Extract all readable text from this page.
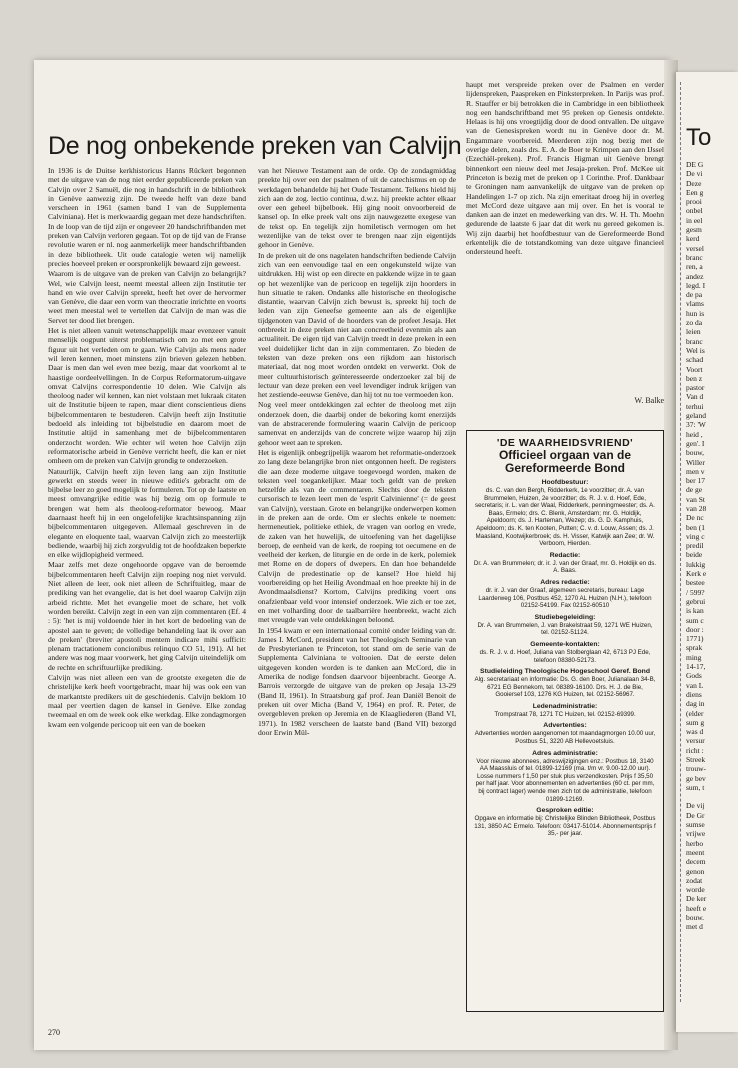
De nog onbekende preken van Calvijn

In 1936 is de Duitse kerkhistoricus Hanns Rückert begonnen met de uitgave van de nog niet eerder gepubliceerde preken van Calvijn over 2 Samuël, die nog in handschrift in de bibliotheek in Genève aanwezig zijn. De tweede helft van deze band verscheen in 1961 (samen band I van de Supplementa Calviniana). Het is merkwaardig gegaan met deze handschriften. In de loop van de tijd zijn er ongeveer 20 handschriftbanden met preken van Calvijn verloren gegaan. Tot op de tijd van de Franse revolutie waren er nl. nog aanmerkelijk meer handschriftbanden in deze bibliotheek. Uit oude catalogie weten wij namelijk precies hoeveel preken er oorspronkelijk bewaard zijn geweest.

Waarom is de uitgave van de preken van Calvijn zo belangrijk? Wel, wie Calvijn leest, neemt meestal alleen zijn Institutie ter hand en wie over Calvijn spreekt, heeft het over de hervormer van Genève, die daar een vorm van theocratie inrichtte en voorts weet men meestal wel te vertellen dat Calvijn de man was die Servet ter dood liet brengen.

Het is niet alleen vanuit wetenschappelijk maar evenzeer vanuit menselijk oogpunt uiterst problematisch om zo met een grote figuur uit het verleden om te gaan. Wie Calvijn als mens nader wil leren kennen, moet minstens zijn brieven gelezen hebben. Daar is men dan wel even mee bezig, maar dat voorkomt al te haastige oordeelvellingen. In de Corpus Reformatorum-uitgave omvat Calvijns correspondentie 10 delen. Wie Calvijn als theoloog nader wil kennen, kan niet volstaan met lukraak citaten uit de Institutie bijeen te rapen, maar dient conscientieus diens bijbelcommentaren te bestuderen. Calvijn heeft zijn Institutie bedoeld als inleiding tot bijbelstudie en daarom moet de Institutie altijd in samenhang met de bijbelcommentaren onderzocht worden. Wie echter wil weten hoe Calvijn zijn reformatorische arbeid in Genève verricht heeft, die kan er niet omheen om de preken van Calvijn grondig te onderzoeken.

Natuurlijk, Calvijn heeft zijn leven lang aan zijn Institutie gewerkt en steeds weer in nieuwe editie's gebracht om de bijbelse leer zo goed mogelijk te formuleren. Tot op de laatste en meest omvangrijke editie was hij bezig om op formule te brengen wat hem als theoloog-reformator bewoog. Maar daarnaast heeft hij in een ongelofelijke krachtsinspanning zijn bijbelcommentaren uitgegeven. Allemaal geschreven in de elegante en eloquente taal, waarvan Calvijn zich zo meesterlijk bediende, waarbij hij zich zorgvuldig tot de hoofdzaken beperkte en elke wijdlopigheid vermeed.

Maar zelfs met deze ongehoorde opgave van de beroemde bijbelcommentaren heeft Calvijn zijn roeping nog niet vervuld. Niet alleen de leer, ook niet alleen de Schriftuitleg, maar de prediking van het evangelie, dat is het doel waarop Calvijn zijn arbeid richtte. Met het evangelie moet de schare, het volk worden bereikt. Calvijn zegt in een van zijn commentaren (Ef. 4 : 5): 'het is mij voldoende hier in het kort de bedoeling van de apostel aan te geven; de volledige behandeling laat ik over aan de preken' (breviter apostoli mentem indicare mihi sufficit: plenam tractationem concionibus relinquo CO 51, 191). Al het andere was nog maar voorwerk, het ging Calvijn uiteindelijk om de rechte en schriftuurlijke prediking.

Calvijn was niet alleen een van de grootste exegeten die de christelijke kerk heeft voortgebracht, maar hij was ook een van de markantste predikers uit de geschiedenis. Calvijn beklom 10 maal per veertien dagen de kansel in Genève. Elke zondag tweemaal en om de week ook elke werkdag. Elke zondagmorgen kwam een volgende pericoop uit een van de boeken

van het Nieuwe Testament aan de orde. Op de zondagmiddag preekte hij over een der psalmen of uit de catechismus en op de werkdagen behandelde hij het Oude Testament. Telkens hield hij zich aan de zog. lectio continua, d.w.z. hij preekte achter elkaar over een geheel bijbelboek. Hij ging nooit onvoorbereid de kansel op. In elke preek valt ons zijn nauwgezette exegese van de tekst op. En tegelijk zijn homiletisch vermogen om het wezenlijke van de tekst over te brengen naar zijn eigentijds gehoor in Genève.

In de preken uit de ons nagelaten handschriften bediende Calvijn zich van een eenvoudige taal en een ongekunsteld wijze van uitdrukken. Hij wist op een directe en pakkende wijze in te gaan op het wezenlijke van de pericoop en tegelijk zijn hoorders in hun situatie te raken. Ondanks alle historische en theologische distantie, waarvan Calvijn zich bewust is, spreekt hij toch de leden van zijn Geneefse gemeente aan als de eigenlijke tijdgenoten van David of de hoorders van de profeet Jesaja. Het ontbreekt in deze preken niet aan concreetheid evenmin als aan actualiteit. De eigen tijd van Calvijn treedt in deze preken in een veel duidelijker licht dan in zijn commentaren. Zo bieden de teksten van deze preken ons een rijkdom aan historisch materiaal, dat nog moet worden ontdekt en verwerkt. Ook de meer cultuurhistorisch geïnteresseerde onderzoeker zal bij de lectuur van deze preken een veel levendiger indruk krijgen van het zestiende-eeuwse Genève, dan hij tot nu toe vermoeden kon.

Nog veel meer ontdekkingen zal echter de theoloog met zijn onderzoek doen, die daarbij onder de bekoring komt enerzijds van de abstracerende formulering waarin Calvijn de pericoop samenvat en anderzijds van de concrete wijze waarop hij zijn gehoor weet aan te spreken.

Het is eigenlijk onbegrijpelijk waarom het reformatie-onderzoek zo lang deze belangrijke bron niet ontgonnen heeft. De registers die aan deze moderne uitgave toegevoegd worden, maken de teksten veel toegankelijker. Maar toch geldt van de preken hetzelfde als van de commentaren. Slechts door de teksten cursorisch te lezen leert men de 'esprit Calvinienne' (= de geest van Calvijn), verstaan. Grote en belangrijke onderwerpen komen in de preken aan de orde. Om er slechts enkele te noemen: hermeneutiek, politieke ethiek, de vragen van oorlog en vrede, de zaken van het huwelijk, de uitoefening van het dagelijkse beroep, de eenheid van de kerk, de roeping tot oecumene en de veelheid der kerken, de liturgie en de orde in de kerk, polemiek met Rome en de dopers of dwepers. En dan hoe behandelde Calvijn de predestinatie op de kansel? Hoe hield hij voorbereiding op het Heilig Avondmaal en hoe preekte hij in de Avondmaalsdienst? Kortom, Calvijns prediking voert ons onafzienbaar veld voor intensief onderzoek. Wie zich er toe zet, en met volharding door de taalbarrière heenbreekt, wacht zich met vreugde van vele ontdekkingen beloond.

In 1954 kwam er een internationaal comité onder leiding van dr. James I. McCord, president van het Theologisch Seminarie van de Presbyterianen te Princeton, tot stand om de serie van de Supplementa Calviniana te voltooien. Dat de eerste delen uitgegeven konden worden is te danken aan McCord, die in Amerika de nodige fondsen daarvoor bijeenbracht. George A. Barrois verzorgde de uitgave van de preken op Jesaja 13-29 (Band II, 1961). In Straatsburg gaf prof. Jean Daniël Benoit de preken uit over Micha (Band V, 1964) en prof. R. Peter, de overgebleven preken op Jeremia en de Klaagliederen (Band VI, 1971). In 1982 verscheen de laatste band (Band VII) bezorgd door Erwin Mül-

haupt met verspreide preken over de Psalmen en verder lijdenspreken, Paaspreken en Pinksterpreken. In Parijs was prof. R. Stauffer er bij betrokken die in Cambridge in een bibliotheek nog een handschriftband met 95 preken op Genesis ontdekte. Helaas is hij ons vroegtijdig door de dood ontvallen. De uitgave van de Genesispreken wordt nu in Genève door dr. M. Engammare voorbereid. Meerderen zijn nog bezig met de overige delen, zoals drs. E. A. de Boer te Krimpen aan den IJssel (Ezechiël-preken). Prof. Francis Higman uit Genève brengt binnenkort een nieuw deel met Jesaja-preken. Prof. McKee uit Princeton is bezig met de preken op 1 Corinthe. Prof. Dankbaar te Groningen nam aanvankelijk de uitgave van de preken op Handelingen 1-7 op zich. Na zijn emeritaat droeg hij in overleg met McCord deze uitgave aan mij over. En het is vooral te danken aan de inzet en medewerking van drs. W. H. Th. Moehn gedurende de laatste 6 jaar dat dit werk nu gereed gekomen is. Wij zijn daarbij het hoofdbestuur van de Gereformeerde Bond erkentelijk die de totstandkoming van deze uitgave financieel ondersteund heeft.

W. Balke
'DE WAARHEIDSVRIEND'
Officieel orgaan van de Gereformeerde Bond
Hoofdbestuur:
ds. C. van den Bergh, Ridderkerk, 1e voorzitter; dr. A. van Brummelen, Huizen, 2e voorzitter; ds. R. J. v. d. Hoef, Ede, secretaris; ir. L. van der Waal, Ridderkerk, penningmeester; ds. A. Baas, Ermelo; drs. C. Blenk, Amsterdam; mr. G. Holdijk, Apeldoorn; ds. J. Harteman, Wezep; ds. G. D. Kamphuis, Apeldoorn; ds. K. ten Kooten, Putten; C. v. d. Louw, Assen; ds. J. Maasland, Kootwijkerbroek; ds. H. Visser, Katwijk aan Zee; dr. W. Verboom, Hierden.
Redactie:
Dr. A. van Brummelen; dr. ir. J. van der Graaf, mr. G. Holdijk en ds. A. Baas.
Adres redactie:
dr. ir. J. van der Graaf, algemeen secretaris, bureau: Lage Laarderweg 106, Postbus 452, 1270 AL Huizen (N.H.), telefoon 02152-54199. Fax 02152-60510
Studiebegeleiding:
Dr. A. van Brummelen, J. van Brakelstraat 59, 1271 WE Huizen, tel. 02152-51124.
Gemeente-kontakten:
ds. R. J. v. d. Hoef, Juliana van Stolberglaan 42, 6713 PJ Ede, telefoon 08380-52173.
Studieleiding Theologische Hogeschool Geref. Bond
Alg. secretariaat en informatie: Ds. G. den Boer, Julianalaan 34-B, 6721 EG Bennekom, tel. 08389-16100. Drs. H. J. de Bie, Gooiersef 103, 1276 KG Huizen, tel. 02152-56967.
Ledenadministratie:
Trompstraat 78, 1271 TC Huizen, tel. 02152-69399.
Advertenties:
Advertenties worden aangenomen tot maandagmorgen 10.00 uur, Postbus 51, 3220 AB Hellevoetsluis.
Adres administratie:
Voor nieuwe abonnees, adreswijzigingen enz.: Postbus 18, 3140 AA Maassluis of tel. 01899-12169 (ma. t/m vr. 9.00-12.00 uur). Losse nummers f 1,50 per stuk plus verzendkosten. Prijs f 35,50 per half jaar. Voor abonnementen en advertenties (60 ct. per mm, bij contract lager) wende men zich tot de administratie, telefoon 01899-12169.
Gesproken editie:
Opgave en informatie bij: Christelijke Blinden Bibliotheek, Postbus 131, 3850 AC Ermelo. Telefoon: 03417-51014. Abonnementsprijs f 35,- per jaar.
270
To
DE G
De vi
Deze
Een g
prooi
onbel
in eel
gesm
kerd
versel
branc
ren, a
andez
legd. I
de pa
vlams
hun is
zo da
leien
branc
Wel is
schad
Voort
ben z
pastor
Van d
terhui
geland
37: 'W
heid ,
gen'. I
bouw,
Willer
men v
ber 17
de ge
van St
van 28
De nc
ben (1
ving c
predil
beide
lukkig
Kerk e
bestee
/ 599?
gebrui
is kan
sum c
door :
1771)
sprak
ming
14-17,
Gods
van L
diens
dag in
(elder
sum g
was d
versur
richt :
Streek
trouw-
ge bev
sum, t

De vij
De Gr
sumse
vrijwe
herbo
meent
decem
genon
zodat
worde
De ker
heeft e
bouw.
met d
